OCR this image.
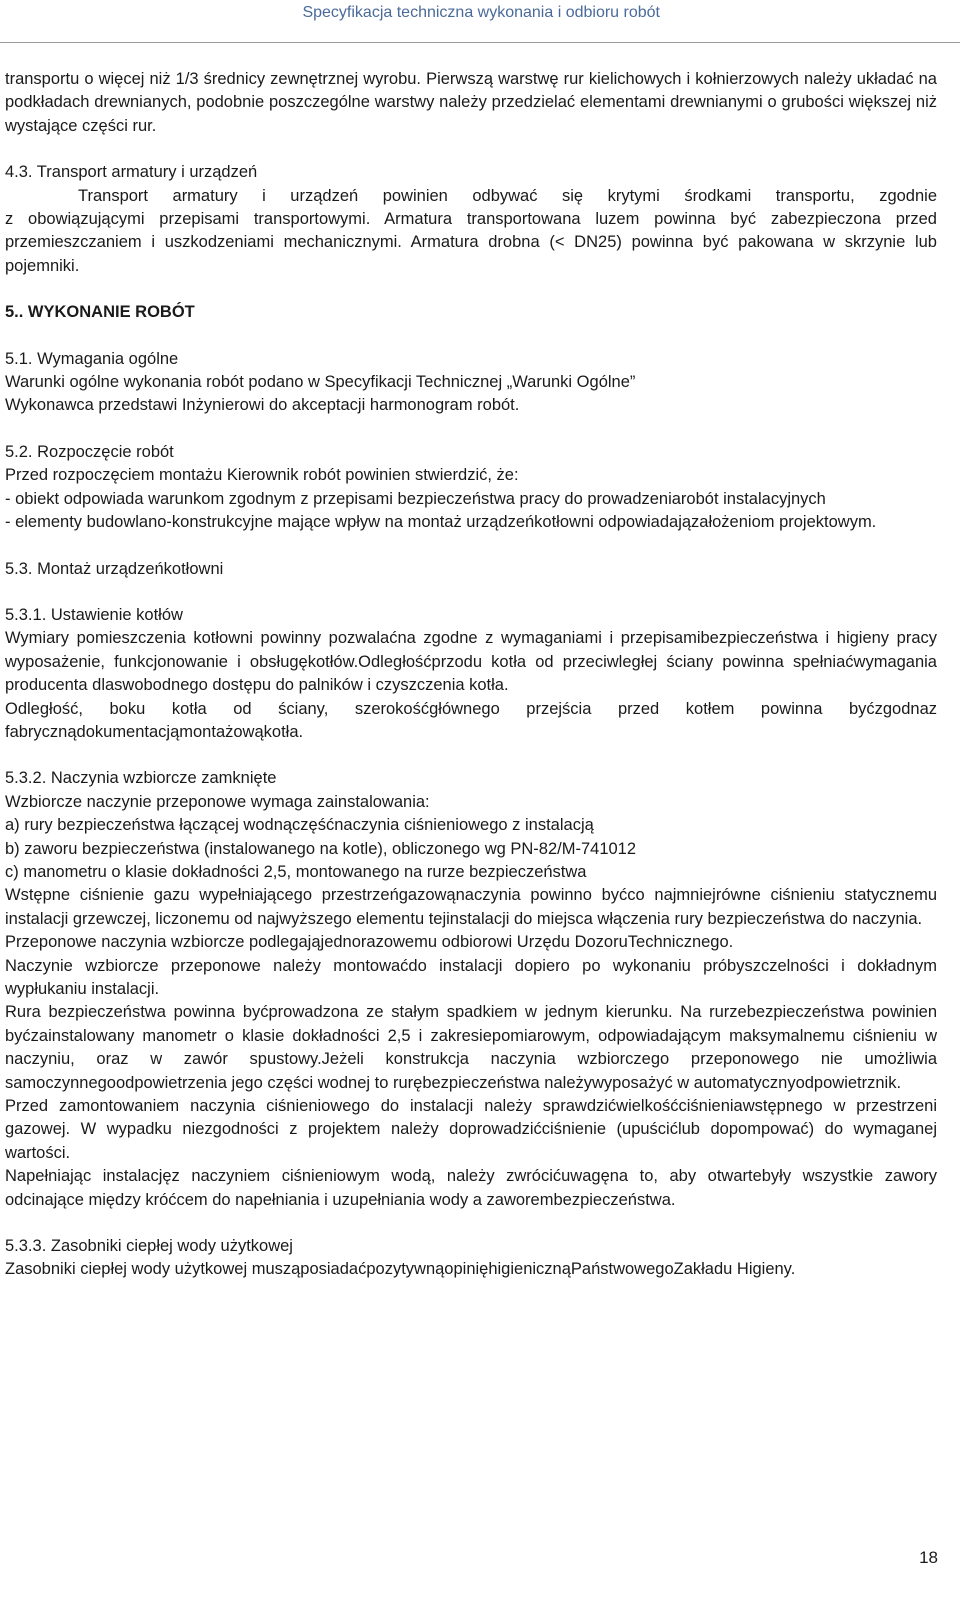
Specyfikacja techniczna wykonania i odbioru robót

transportu o więcej niż 1/3 średnicy zewnętrznej wyrobu. Pierwszą warstwę rur kielichowych i kołnierzowych należy układać na podkładach drewnianych, podobnie poszczególne warstwy należy przedzielać elementami drewnianymi o grubości większej niż wystające części rur.

4.3. Transport armatury i urządzeń

Transport armatury i urządzeń powinien odbywać się krytymi środkami transportu, zgodnie

z obowiązującymi przepisami transportowymi. Armatura transportowana luzem powinna być zabezpieczona przed przemieszczaniem i uszkodzeniami mechanicznymi. Armatura drobna (< DN25) powinna być pakowana w skrzynie lub pojemniki.

5.. WYKONANIE ROBÓT

5.1. Wymagania ogólne

Warunki ogólne wykonania robót podano w Specyfikacji Technicznej „Warunki Ogólne”

Wykonawca przedstawi Inżynierowi do akceptacji harmonogram robót.

5.2. Rozpoczęcie robót

Przed rozpoczęciem montażu Kierownik robót powinien stwierdzić, że:

- obiekt odpowiada warunkom zgodnym z przepisami bezpieczeństwa pracy do prowadzeniarobót instalacyjnych

- elementy budowlano-konstrukcyjne mające wpływ na montaż urządzeńkotłowni odpowiadajązałożeniom projektowym.

5.3. Montaż urządzeńkotłowni

5.3.1. Ustawienie kotłów

Wymiary pomieszczenia kotłowni powinny pozwalaćna zgodne z wymaganiami i przepisamibezpieczeństwa i higieny pracy wyposażenie, funkcjonowanie i obsługękotłów.Odległośćprzodu kotła od przeciwległej ściany powinna spełniaćwymagania producenta dlaswobodnego dostępu do palników i czyszczenia kotła.

Odległość, boku kotła od ściany, szerokośćgłównego przejścia przed kotłem powinna byćzgodnaz fabrycznądokumentacjąmontażowąkotła.

5.3.2. Naczynia wzbiorcze zamknięte

Wzbiorcze naczynie przeponowe wymaga zainstalowania:

a) rury bezpieczeństwa łączącej wodnączęśćnaczynia ciśnieniowego z instalacją

b) zaworu bezpieczeństwa (instalowanego na kotle), obliczonego wg PN-82/M-741012

c) manometru o klasie dokładności 2,5, montowanego na rurze bezpieczeństwa

Wstępne ciśnienie gazu wypełniającego przestrzeńgazowąnaczynia powinno byćco najmniejrówne ciśnieniu statycznemu instalacji grzewczej, liczonemu od najwyższego elementu tejinstalacji do miejsca włączenia rury bezpieczeństwa do naczynia.

Przeponowe naczynia wzbiorcze podlegająjednorazowemu odbiorowi Urzędu DozoruTechnicznego.

Naczynie wzbiorcze przeponowe należy montowaćdo instalacji dopiero po wykonaniu próbyszczelności i dokładnym wypłukaniu instalacji.

Rura bezpieczeństwa powinna byćprowadzona ze stałym spadkiem w jednym kierunku. Na rurzebezpieczeństwa powinien byćzainstalowany manometr o klasie dokładności 2,5 i zakresiepomiarowym, odpowiadającym maksymalnemu ciśnieniu w naczyniu, oraz w zawór spustowy.Jeżeli konstrukcja naczynia wzbiorczego przeponowego nie umożliwia samoczynnegoodpowietrzenia jego części wodnej to rurębezpieczeństwa należywyposażyć w automatycznyodpowietrznik.

Przed zamontowaniem naczynia ciśnieniowego do instalacji należy sprawdzićwielkośćciśnieniawstępnego w przestrzeni gazowej. W wypadku niezgodności z projektem należy doprowadzićciśnienie (upuścićlub dopompować) do wymaganej wartości.

Napełniając instalacjęz naczyniem ciśnieniowym wodą, należy zwrócićuwagęna to, aby otwartebyły wszystkie zawory odcinające między króćcem do napełniania i uzupełniania wody a zaworembezpieczeństwa.

5.3.3. Zasobniki ciepłej wody użytkowej

Zasobniki ciepłej wody użytkowej musząposiadaćpozytywnąopinięhigienicznąPaństwowegoZakładu Higieny.

18
